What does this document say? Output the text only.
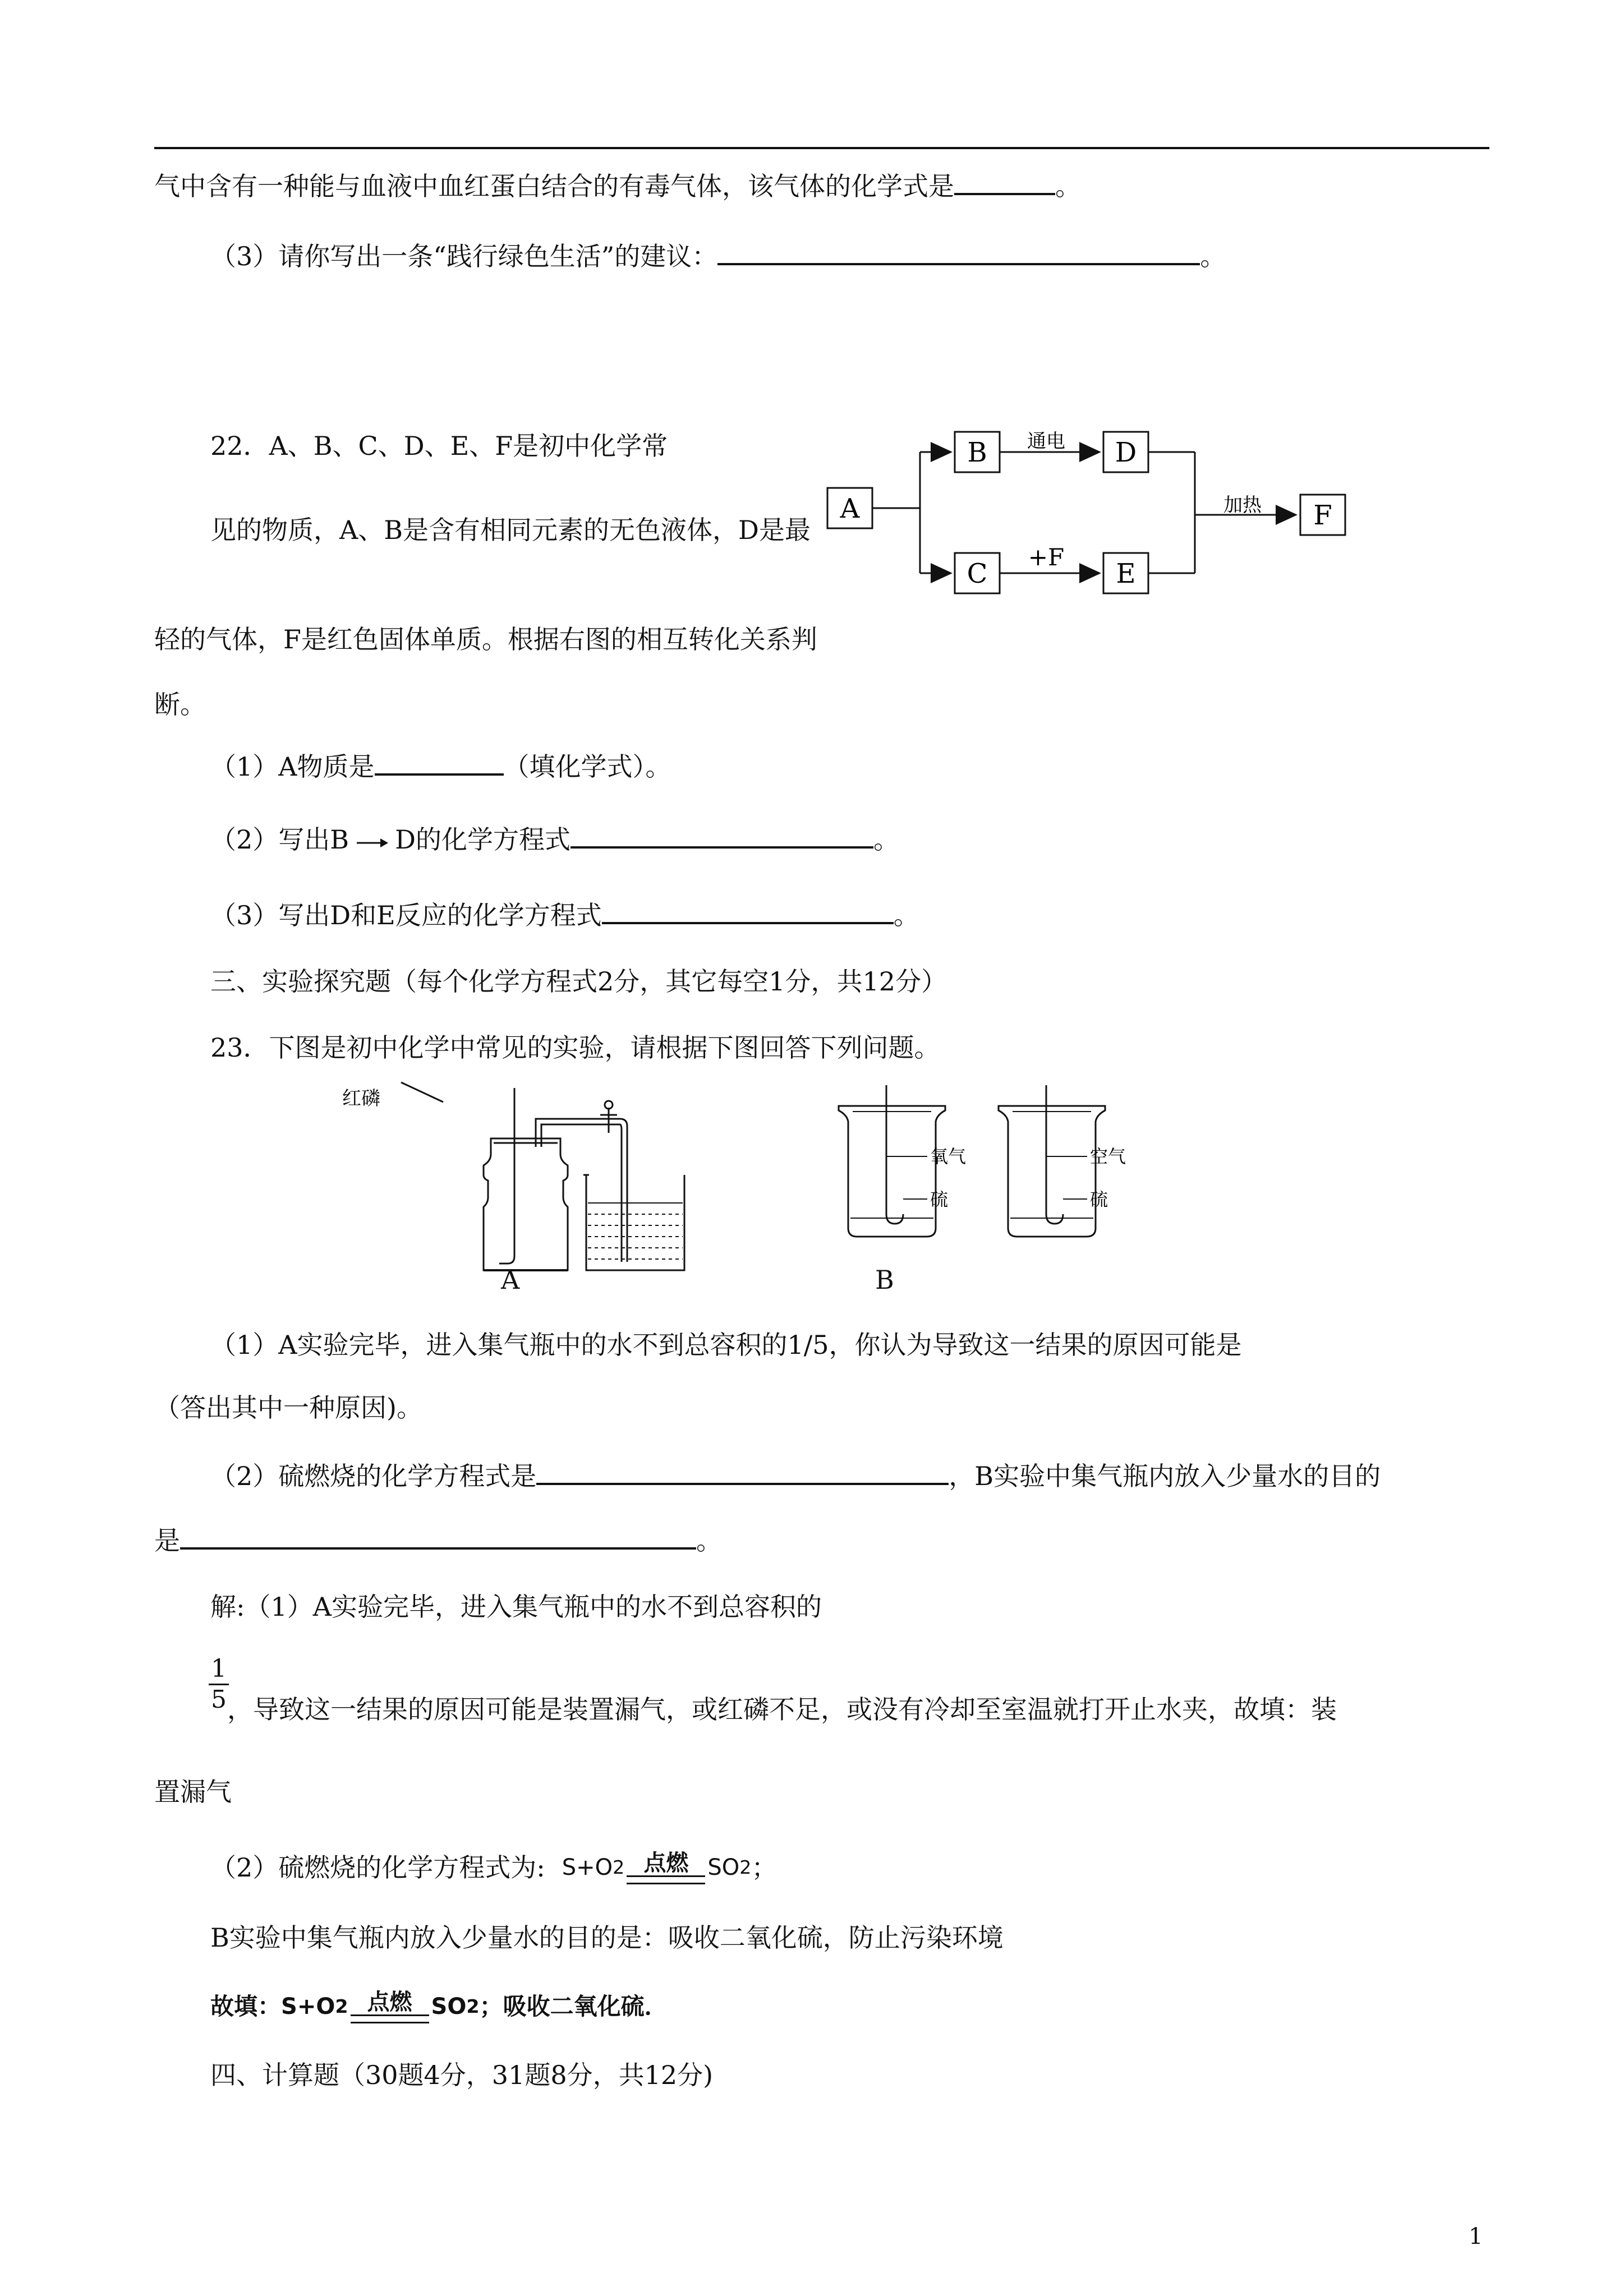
气中含有一种能与血液中血红蛋白结合的有毒气体，该气体的化学式是	。
（3）请你写出一条“践行绿色生活”的建议：	。
22．A、B、C、D、E、F是初中化学常
见的物质，A、B是含有相同元素的无色液体，D是最
轻的气体，F是红色固体单质。根据右图的相互转化关系判
断。
A
B
C
通电
+F
D
E
加热 F
（1）A物质是	（填化学式）。
（2）写出B D的化学方程式	。
（3）写出D和E反应的化学方程式	。
三、实验探究题（每个化学方程式2分，其它每空1分，共12分）
23．下图是初中化学中常见的实验，请根据下图回答下列问题。
红磷
A
氧气
硫
空气
硫
B
（1）A实验完毕，进入集气瓶中的水不到总容积的1/5，你认为导致这一结果的原因可能是
（答出其中一种原因)。
（2）硫燃烧的化学方程式是	，B实验中集气瓶内放入少量水的目的
是	。
解:（1）A实验完毕，进入集气瓶中的水不到总容积的
$\frac{1}{5}$
，导致这一结果的原因可能是装置漏气，或红磷不足，或没有冷却至室温就打开止水夹，故填：装
置漏气
（2）硫燃烧的化学方程式为: S+O 2 点燃 SO 2 ；
B实验中集气瓶内放入少量水的目的是：吸收二氧化硫，防止污染环境
故填： S+O 2 点燃 SO 2 ；吸收二氧化硫．
四、计算题（30题4分，31题8分，共12分)
1
